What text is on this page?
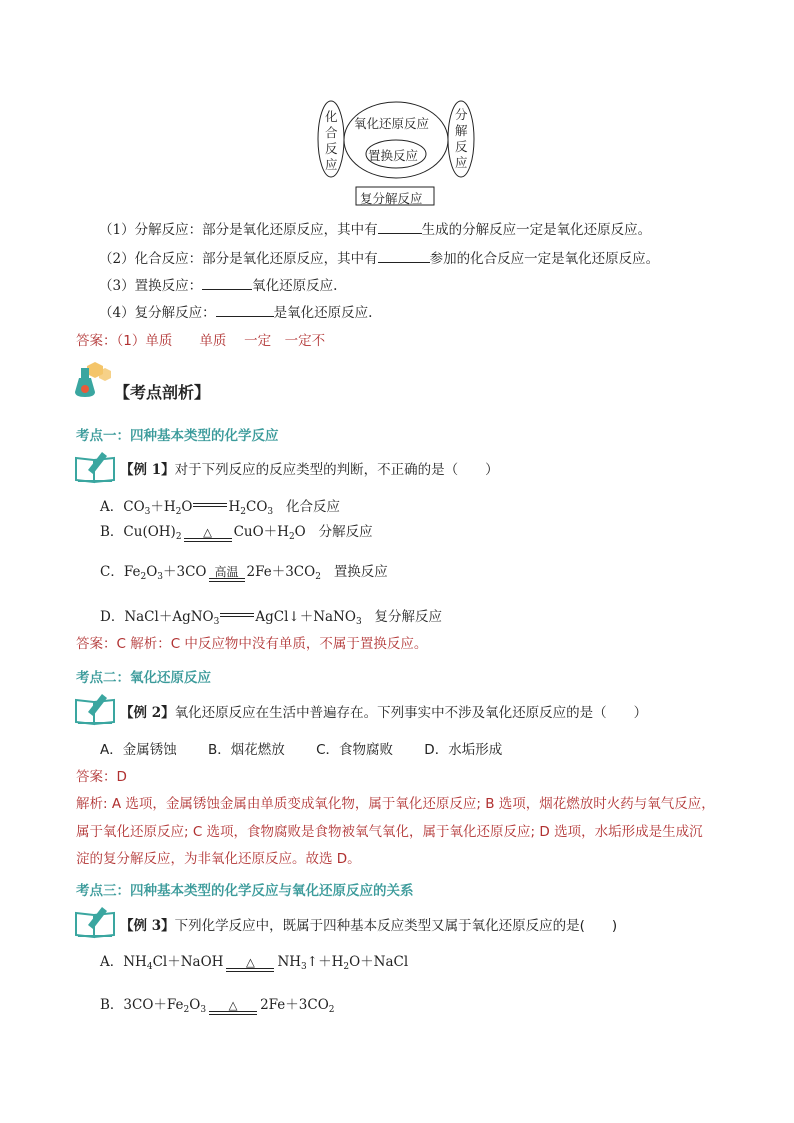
化合反应
分解反应
氧化还原反应
置换反应
复分解反应
（1）分解反应：部分是氧化还原反应，其中有	生成的分解反应一定是氧化还原反应。
（2）化合反应：部分是氧化还原反应，其中有	参加的化合反应一定是氧化还原反应。
（3）置换反应：	氧化还原反应.
（4）复分解反应：	是氧化还原反应.
答案：（1）单质　　单质　 一定　一定不
【考点剖析】
考点一：四种基本类型的化学反应
【例 1】对于下列反应的反应类型的判断，不正确的是（　　）
A．$CO_3+H_2O$	$H_2CO_3$ 化合反应
B．$Cu(OH)_2$	△	$CuO+H_2O$ 分解反应
C．$Fe_2O_3+3CO$ 高温 $2Fe+3CO_2$ 置换反应
D．NaCl＋AgNO$_3$	AgCl↓＋NaNO$_3$ 复分解反应
答案：C 解析：C 中反应物中没有单质，不属于置换反应。
考点二：氧化还原反应
【例 2】氧化还原反应在生活中普遍存在。下列事实中不涉及氧化还原反应的是（　　）
A．金属锈蚀　　 B．烟花燃放　　 C．食物腐败　　 D．水垢形成
答案：D
解析: A 选项，金属锈蚀金属由单质变成氧化物，属于氧化还原反应; B 选项，烟花燃放时火药与氧气反应，
属于氧化还原反应; C 选项，食物腐败是食物被氧气氧化，属于氧化还原反应; D 选项，水垢形成是生成沉
淀的复分解反应，为非氧化还原反应。故选 D。
考点三：四种基本类型的化学反应与氧化还原反应的关系
【例 3】下列化学反应中，既属于四种基本反应类型又属于氧化还原反应的是(　　)
A．$NH_4Cl+NaOH$	△	$NH_3↑+H_2O+NaCl$
B．$3CO+Fe_2O_3$	△	$2Fe+3CO_2$
